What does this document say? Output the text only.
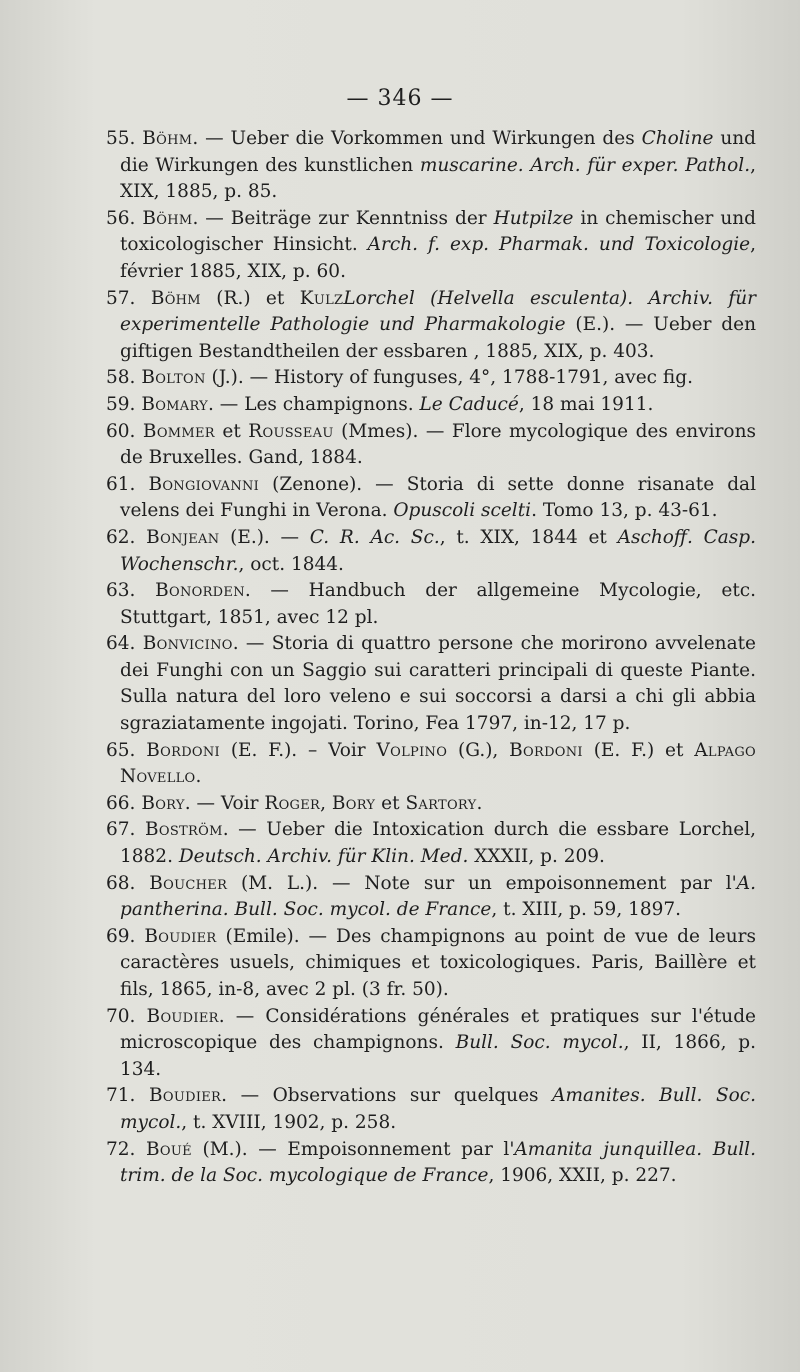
— 346 —
55. Böhm. — Ueber die Vorkommen und Wirkungen des Choline und die Wirkungen des kunstlichen muscarine. Arch. für exper. Pathol., XIX, 1885, p. 85.
56. Böhm. — Beiträge zur Kenntniss der Hutpilze in chemischer und toxicologischer Hinsicht. Arch. f. exp. Pharmak. und Toxicologie, février 1885, XIX, p. 60.
57. Böhm (R.) et KulzLorchel (Helvella esculenta). Archiv. für experimentelle Pathologie und Pharmakologie (E.). — Ueber den giftigen Bestandtheilen der essbaren , 1885, XIX, p. 403.
58. Bolton (J.). — History of funguses, 4°, 1788-1791, avec fig.
59. Bomary. — Les champignons. Le Caducé, 18 mai 1911.
60. Bommer et Rousseau (Mmes). — Flore mycologique des environs de Bruxelles. Gand, 1884.
61. Bongiovanni (Zenone). — Storia di sette donne risanate dal velens dei Funghi in Verona. Opuscoli scelti. Tomo 13, p. 43-61.
62. Bonjean (E.). — C. R. Ac. Sc., t. XIX, 1844 et Aschoff. Casp. Wochenschr., oct. 1844.
63. Bonorden. — Handbuch der allgemeine Mycologie, etc. Stuttgart, 1851, avec 12 pl.
64. Bonvicino. — Storia di quattro persone che morirono avvelenate dei Funghi con un Saggio sui caratteri principali di queste Piante. Sulla natura del loro veleno e sui soccorsi a darsi a chi gli abbia sgraziatamente ingojati. Torino, Fea 1797, in-12, 17 p.
65. Bordoni (E. F.). – Voir Volpino (G.), Bordoni (E. F.) et Alpago Novello.
66. Bory. — Voir Roger, Bory et Sartory.
67. Boström. — Ueber die Intoxication durch die essbare Lorchel, 1882. Deutsch. Archiv. für Klin. Med. XXXII, p. 209.
68. Boucher (M. L.). — Note sur un empoisonnement par l'A. pantherina. Bull. Soc. mycol. de France, t. XIII, p. 59, 1897.
69. Boudier (Emile). — Des champignons au point de vue de leurs caractères usuels, chimiques et toxicologiques. Paris, Baillère et fils, 1865, in-8, avec 2 pl. (3 fr. 50).
70. Boudier. — Considérations générales et pratiques sur l'étude microscopique des champignons. Bull. Soc. mycol., II, 1866, p. 134.
71. Boudier. — Observations sur quelques Amanites. Bull. Soc. mycol., t. XVIII, 1902, p. 258.
72. Boué (M.). — Empoisonnement par l'Amanita junquillea. Bull. trim. de la Soc. mycologique de France, 1906, XXII, p. 227.
